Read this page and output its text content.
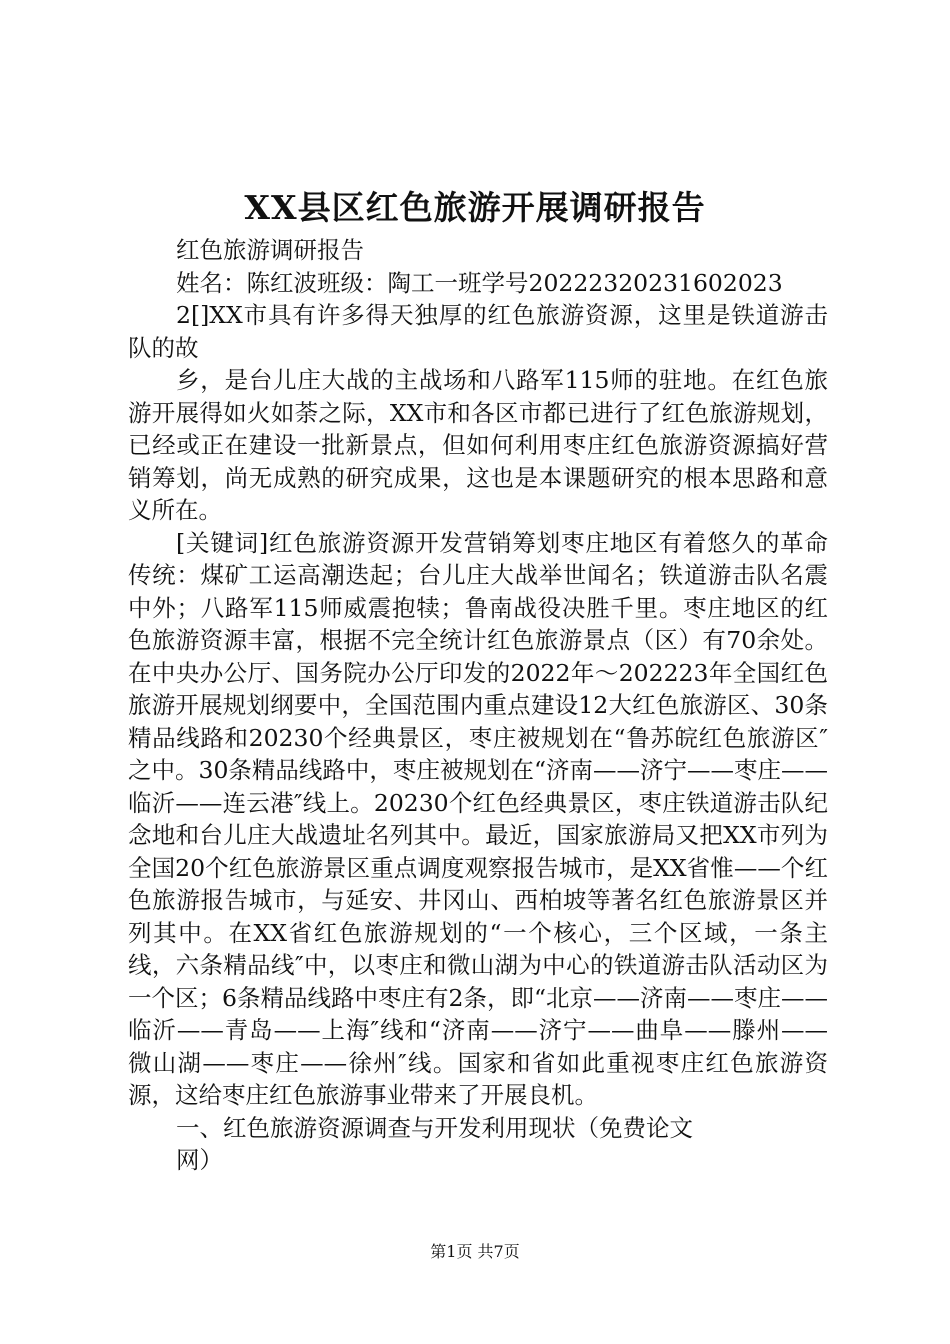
XX县区红色旅游开展调研报告

红色旅游调研报告

姓名：陈红波班级：陶工一班学号20222320231602023

2[]XX市具有许多得天独厚的红色旅游资源，这里是铁道游击队的故

乡，是台儿庄大战的主战场和八路军115师的驻地。在红色旅游开展得如火如荼之际，XX市和各区市都已进行了红色旅游规划，已经或正在建设一批新景点，但如何利用枣庄红色旅游资源搞好营销筹划，尚无成熟的研究成果，这也是本课题研究的根本思路和意义所在。

[关键词]红色旅游资源开发营销筹划枣庄地区有着悠久的革命传统：煤矿工运高潮迭起；台儿庄大战举世闻名；铁道游击队名震中外；八路军115师威震抱犊；鲁南战役决胜千里。枣庄地区的红色旅游资源丰富，根据不完全统计红色旅游景点（区）有70余处。在中央办公厅、国务院办公厅印发的2022年～202223年全国红色旅游开展规划纲要中，全国范围内重点建设12大红色旅游区、30条精品线路和20230个经典景区，枣庄被规划在“鲁苏皖红色旅游区″之中。30条精品线路中，枣庄被规划在“济南——济宁——枣庄——临沂——连云港″线上。20230个红色经典景区，枣庄铁道游击队纪念地和台儿庄大战遗址名列其中。最近，国家旅游局又把XX市列为全国20个红色旅游景区重点调度观察报告城市，是XX省惟——个红色旅游报告城市，与延安、井冈山、西柏坡等著名红色旅游景区并列其中。在XX省红色旅游规划的“一个核心，三个区域，一条主线，六条精品线″中，以枣庄和微山湖为中心的铁道游击队活动区为一个区；6条精品线路中枣庄有2条，即“北京——济南——枣庄——临沂——青岛——上海″线和“济南——济宁——曲阜——滕州——微山湖——枣庄——徐州″线。国家和省如此重视枣庄红色旅游资源，这给枣庄红色旅游事业带来了开展良机。

一、红色旅游资源调查与开发利用现状（免费论文

网）

第1页 共7页
